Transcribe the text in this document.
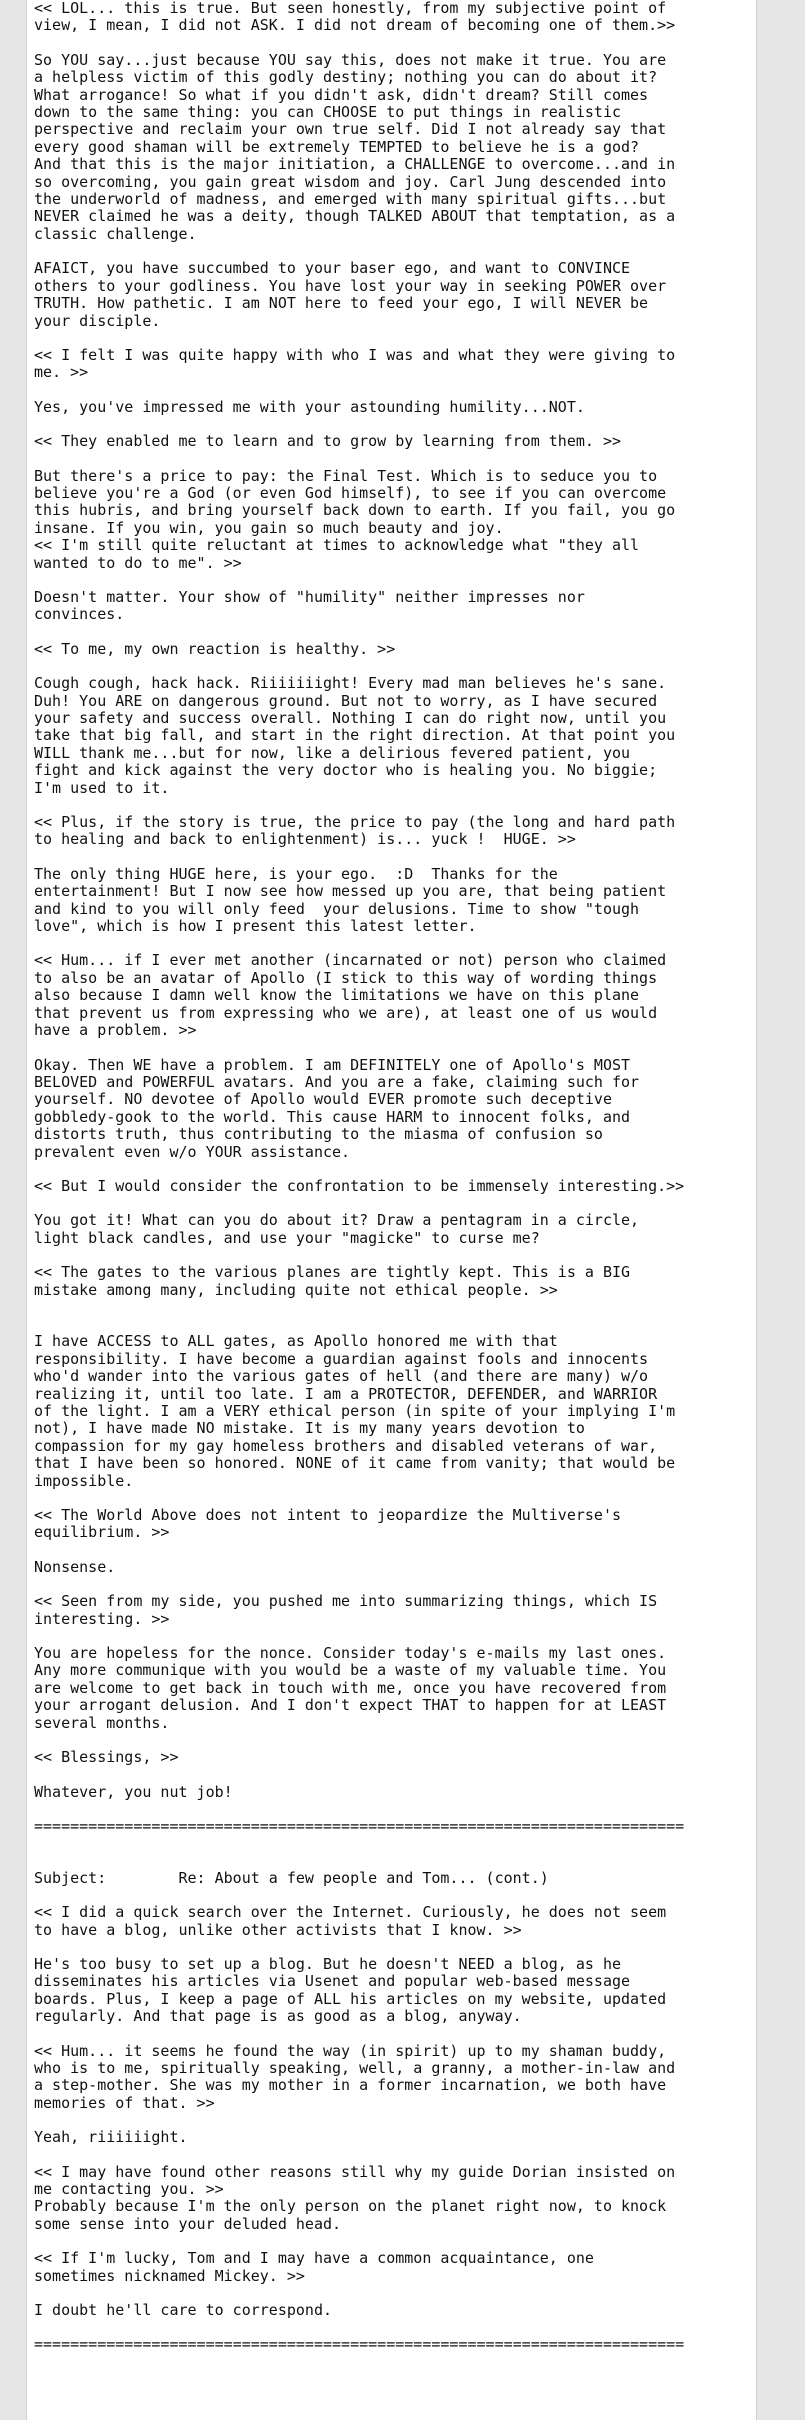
<< LOL... this is true. But seen honestly, from my subjective point of
view, I mean, I did not ASK. I did not dream of becoming one of them.>>
So YOU say...just because YOU say this, does not make it true. You are
a helpless victim of this godly destiny; nothing you can do about it?
What arrogance! So what if you didn't ask, didn't dream? Still comes
down to the same thing: you can CHOOSE to put things in realistic
perspective and reclaim your own true self. Did I not already say that
every good shaman will be extremely TEMPTED to believe he is a god?
And that this is the major initiation, a CHALLENGE to overcome...and in
so overcoming, you gain great wisdom and joy. Carl Jung descended into
the underworld of madness, and emerged with many spiritual gifts...but
NEVER claimed he was a deity, though TALKED ABOUT that temptation, as a
classic challenge.
AFAICT, you have succumbed to your baser ego, and want to CONVINCE
others to your godliness. You have lost your way in seeking POWER over
TRUTH. How pathetic. I am NOT here to feed your ego, I will NEVER be
your disciple.
<< I felt I was quite happy with who I was and what they were giving to
me. >>
Yes, you've impressed me with your astounding humility...NOT.
<< They enabled me to learn and to grow by learning from them. >>
But there's a price to pay: the Final Test. Which is to seduce you to
believe you're a God (or even God himself), to see if you can overcome
this hubris, and bring yourself back down to earth. If you fail, you go
insane. If you win, you gain so much beauty and joy.
<< I'm still quite reluctant at times to acknowledge what "they all
wanted to do to me". >>
Doesn't matter. Your show of "humility" neither impresses nor
convinces.
<< To me, my own reaction is healthy. >>
Cough cough, hack hack. Riiiiiiight! Every mad man believes he's sane.
Duh! You ARE on dangerous ground. But not to worry, as I have secured
your safety and success overall. Nothing I can do right now, until you
take that big fall, and start in the right direction. At that point you
WILL thank me...but for now, like a delirious fevered patient, you
fight and kick against the very doctor who is healing you. No biggie;
I'm used to it.
<< Plus, if the story is true, the price to pay (the long and hard path
to healing and back to enlightenment) is... yuck !  HUGE. >>
The only thing HUGE here, is your ego.  :D  Thanks for the
entertainment! But I now see how messed up you are, that being patient
and kind to you will only feed  your delusions. Time to show "tough
love", which is how I present this latest letter.
<< Hum... if I ever met another (incarnated or not) person who claimed
to also be an avatar of Apollo (I stick to this way of wording things
also because I damn well know the limitations we have on this plane
that prevent us from expressing who we are), at least one of us would
have a problem. >>
Okay. Then WE have a problem. I am DEFINITELY one of Apollo's MOST
BELOVED and POWERFUL avatars. And you are a fake, claiming such for
yourself. NO devotee of Apollo would EVER promote such deceptive
gobbledy-gook to the world. This cause HARM to innocent folks, and
distorts truth, thus contributing to the miasma of confusion so
prevalent even w/o YOUR assistance.
<< But I would consider the confrontation to be immensely interesting.>>
You got it! What can you do about it? Draw a pentagram in a circle,
light black candles, and use your "magicke" to curse me?
<< The gates to the various planes are tightly kept. This is a BIG
mistake among many, including quite not ethical people. >>

I have ACCESS to ALL gates, as Apollo honored me with that
responsibility. I have become a guardian against fools and innocents
who'd wander into the various gates of hell (and there are many) w/o
realizing it, until too late. I am a PROTECTOR, DEFENDER, and WARRIOR
of the light. I am a VERY ethical person (in spite of your implying I'm
not), I have made NO mistake. It is my many years devotion to
compassion for my gay homeless brothers and disabled veterans of war,
that I have been so honored. NONE of it came from vanity; that would be
impossible.
<< The World Above does not intent to jeopardize the Multiverse's
equilibrium. >>
Nonsense.
<< Seen from my side, you pushed me into summarizing things, which IS
interesting. >>
You are hopeless for the nonce. Consider today's e-mails my last ones.
Any more communique with you would be a waste of my valuable time. You
are welcome to get back in touch with me, once you have recovered from
your arrogant delusion. And I don't expect THAT to happen for at LEAST
several months.
<< Blessings, >>
Whatever, you nut job!
========================================================================

Subject:        Re: About a few people and Tom... (cont.)
<< I did a quick search over the Internet. Curiously, he does not seem
to have a blog, unlike other activists that I know. >>
He's too busy to set up a blog. But he doesn't NEED a blog, as he
disseminates his articles via Usenet and popular web-based message
boards. Plus, I keep a page of ALL his articles on my website, updated
regularly. And that page is as good as a blog, anyway.
<< Hum... it seems he found the way (in spirit) up to my shaman buddy,
who is to me, spiritually speaking, well, a granny, a mother-in-law and
a step-mother. She was my mother in a former incarnation, we both have
memories of that. >>
Yeah, riiiiiight.
<< I may have found other reasons still why my guide Dorian insisted on
me contacting you. >>
Probably because I'm the only person on the planet right now, to knock
some sense into your deluded head.
<< If I'm lucky, Tom and I may have a common acquaintance, one
sometimes nicknamed Mickey. >>
I doubt he'll care to correspond.
========================================================================
